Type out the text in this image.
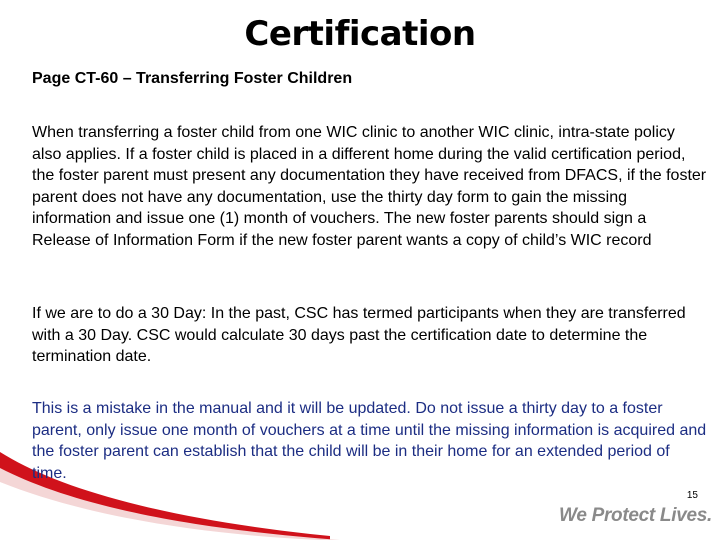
Certification
Page CT-60 – Transferring Foster Children
When transferring a foster child from one WIC clinic to another WIC clinic, intra-state policy also applies. If a foster child is placed in a different home during the valid certification period, the foster parent must present any documentation they have received from DFACS, if the foster parent does not have any documentation, use the thirty day form to gain the missing information and issue one (1) month of vouchers. The new foster parents should sign a Release of Information Form if the new foster parent wants a copy of child’s WIC record
If we are to do a 30 Day: In the past, CSC has termed participants when they are transferred with a 30 Day. CSC would calculate 30 days past the certification date to determine the termination date.
This is a mistake in the manual and it will be updated. Do not issue a thirty day to a foster parent, only issue one month of vouchers at a time until the missing information is acquired and the foster parent can establish that the child will be in their home for an extended period of time.
15
We Protect Lives.
